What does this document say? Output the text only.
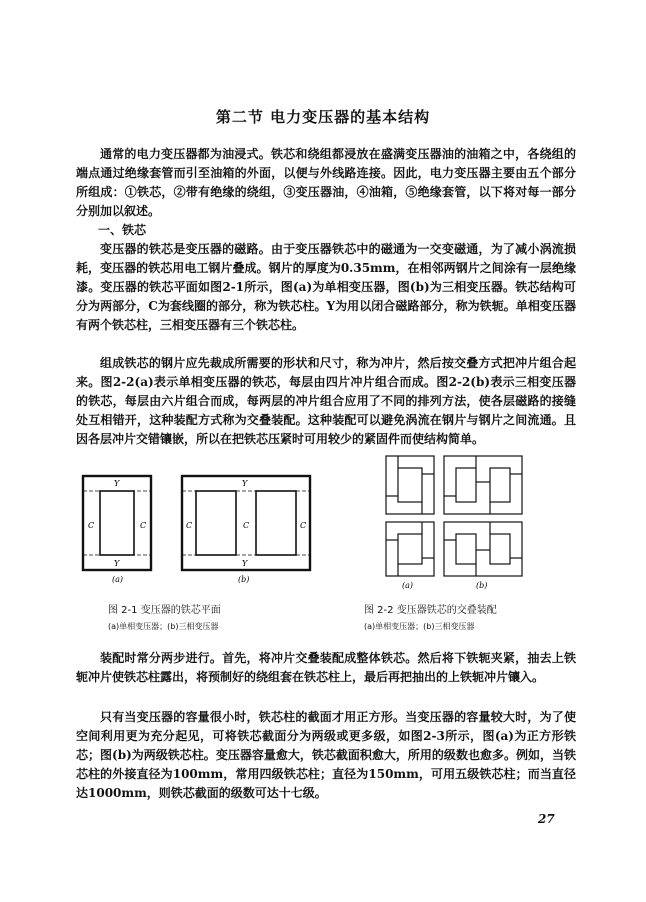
第二节 电力变压器的基本结构

通常的电力变压器都为油浸式。铁芯和绕组都浸放在盛满变压器油的油箱之中，各绕组的端点通过绝缘套管而引至油箱的外面，以便与外线路连接。因此，电力变压器主要由五个部分所组成：①铁芯，②带有绝缘的绕组，③变压器油，④油箱，⑤绝缘套管，以下将对每一部分分别加以叙述。

一、铁芯

变压器的铁芯是变压器的磁路。由于变压器铁芯中的磁通为一交变磁通，为了减小涡流损耗，变压器的铁芯用电工钢片叠成。钢片的厚度为0.35mm，在相邻两钢片之间涂有一层绝缘漆。变压器的铁芯平面如图2-1所示，图(a)为单相变压器，图(b)为三相变压器。铁芯结构可分为两部分，C为套线圈的部分，称为铁芯柱。Y为用以闭合磁路部分，称为铁轭。单相变压器有两个铁芯柱，三相变压器有三个铁芯柱。

组成铁芯的钢片应先裁成所需要的形状和尺寸，称为冲片，然后按交叠方式把冲片组合起来。图2-2(a)表示单相变压器的铁芯，每层由四片冲片组合而成。图2-2(b)表示三相变压器的铁芯，每层由六片组合而成，每两层的冲片组合应用了不同的排列方法，使各层磁路的接缝处互相错开，这种装配方式称为交叠装配。这种装配可以避免涡流在钢片与钢片之间流通。且因各层冲片交错镶嵌，所以在把铁芯压紧时可用较少的紧固件而使结构简单。

Y
Y
C	C
(a)
Y
Y
C	C	C
(b)
图 2-1 变压器的铁芯平面
(a)单相变压器；(b)三相变压器
(a)	(b)
图 2-2 变压器铁芯的交叠装配
(a)单相变压器；(b)三相变压器

装配时常分两步进行。首先，将冲片交叠装配成整体铁芯。然后将下铁轭夹紧，抽去上铁轭冲片使铁芯柱露出，将预制好的绕组套在铁芯柱上，最后再把抽出的上铁轭冲片镶入。

只有当变压器的容量很小时，铁芯柱的截面才用正方形。当变压器的容量较大时，为了使空间利用更为充分起见，可将铁芯截面分为两级或更多级，如图2-3所示，图(a)为正方形铁芯；图(b)为两级铁芯柱。变压器容量愈大，铁芯截面积愈大，所用的级数也愈多。例如，当铁芯柱的外接直径为100mm，常用四级铁芯柱；直径为150mm，可用五级铁芯柱；而当直径达1000mm，则铁芯截面的级数可达十七级。

27
